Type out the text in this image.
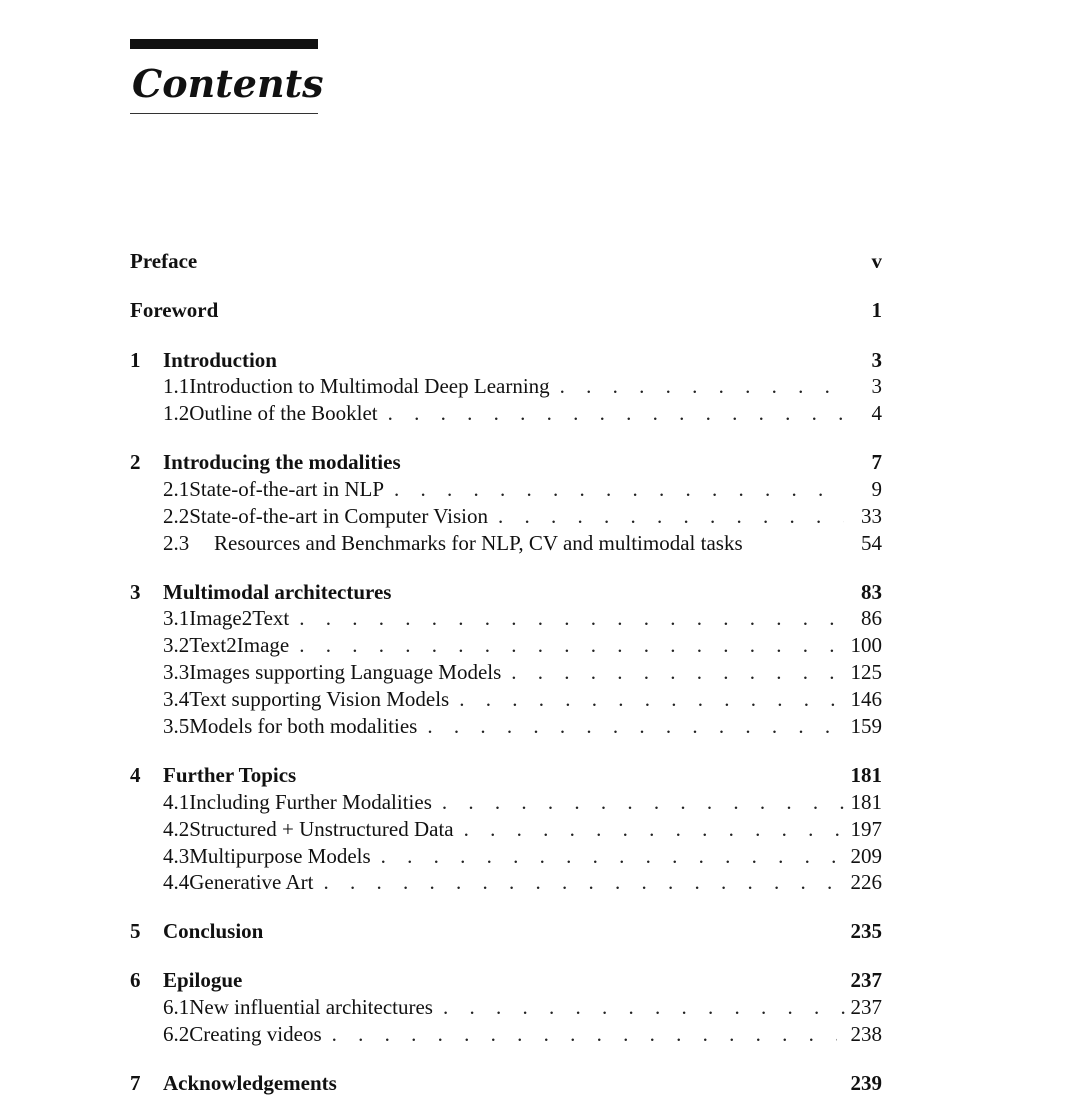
Contents
Preface	v
Foreword	1
1	Introduction	3
1.1 Introduction to Multimodal Deep Learning . . .	3
1.2 Outline of the Booklet . . .	4
2	Introducing the modalities	7
2.1 State-of-the-art in NLP . . .	9
2.2 State-of-the-art in Computer Vision . . .	33
2.3	Resources and Benchmarks for NLP, CV and multimodal tasks	54
3	Multimodal architectures	83
3.1 Image2Text . . .	86
3.2 Text2Image . . .	100
3.3 Images supporting Language Models . . .	125
3.4 Text supporting Vision Models . . .	146
3.5 Models for both modalities . . .	159
4	Further Topics	181
4.1 Including Further Modalities . . .	181
4.2 Structured + Unstructured Data . . .	197
4.3 Multipurpose Models . . .	209
4.4 Generative Art . . .	226
5	Conclusion	235
6	Epilogue	237
6.1 New influential architectures . . .	237
6.2 Creating videos . . .	238
7	Acknowledgements	239
